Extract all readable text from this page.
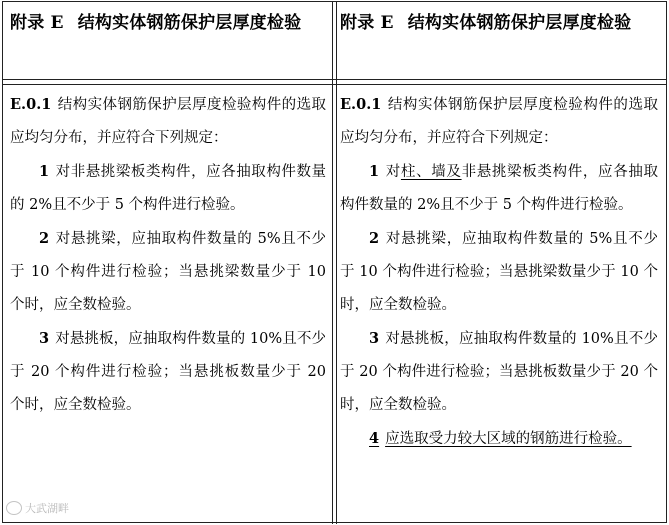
附录 E 结构实体钢筋保护层厚度检验

E.0.1 结构实体钢筋保护层厚度检验构件的选取应均匀分布，并应符合下列规定：

1 对非悬挑梁板类构件，应各抽取构件数量的 2%且不少于 5 个构件进行检验。

2 对悬挑梁，应抽取构件数量的 5%且不少于 10 个构件进行检验；当悬挑梁数量少于 10 个时，应全数检验。

3 对悬挑板，应抽取构件数量的 10%且不少于 20 个构件进行检验；当悬挑板数量少于 20 个时，应全数检验。

附录 E 结构实体钢筋保护层厚度检验

E.0.1 结构实体钢筋保护层厚度检验构件的选取应均匀分布，并应符合下列规定：

1 对柱、墙及非悬挑梁板类构件，应各抽取构件数量的 2%且不少于 5 个构件进行检验。

2 对悬挑梁，应抽取构件数量的 5%且不少于 10 个构件进行检验；当悬挑梁数量少于 10 个时，应全数检验。

3 对悬挑板，应抽取构件数量的 10%且不少于 20 个构件进行检验；当悬挑板数量少于 20 个时，应全数检验。

4 应选取受力较大区域的钢筋进行检验。

大武湖畔
